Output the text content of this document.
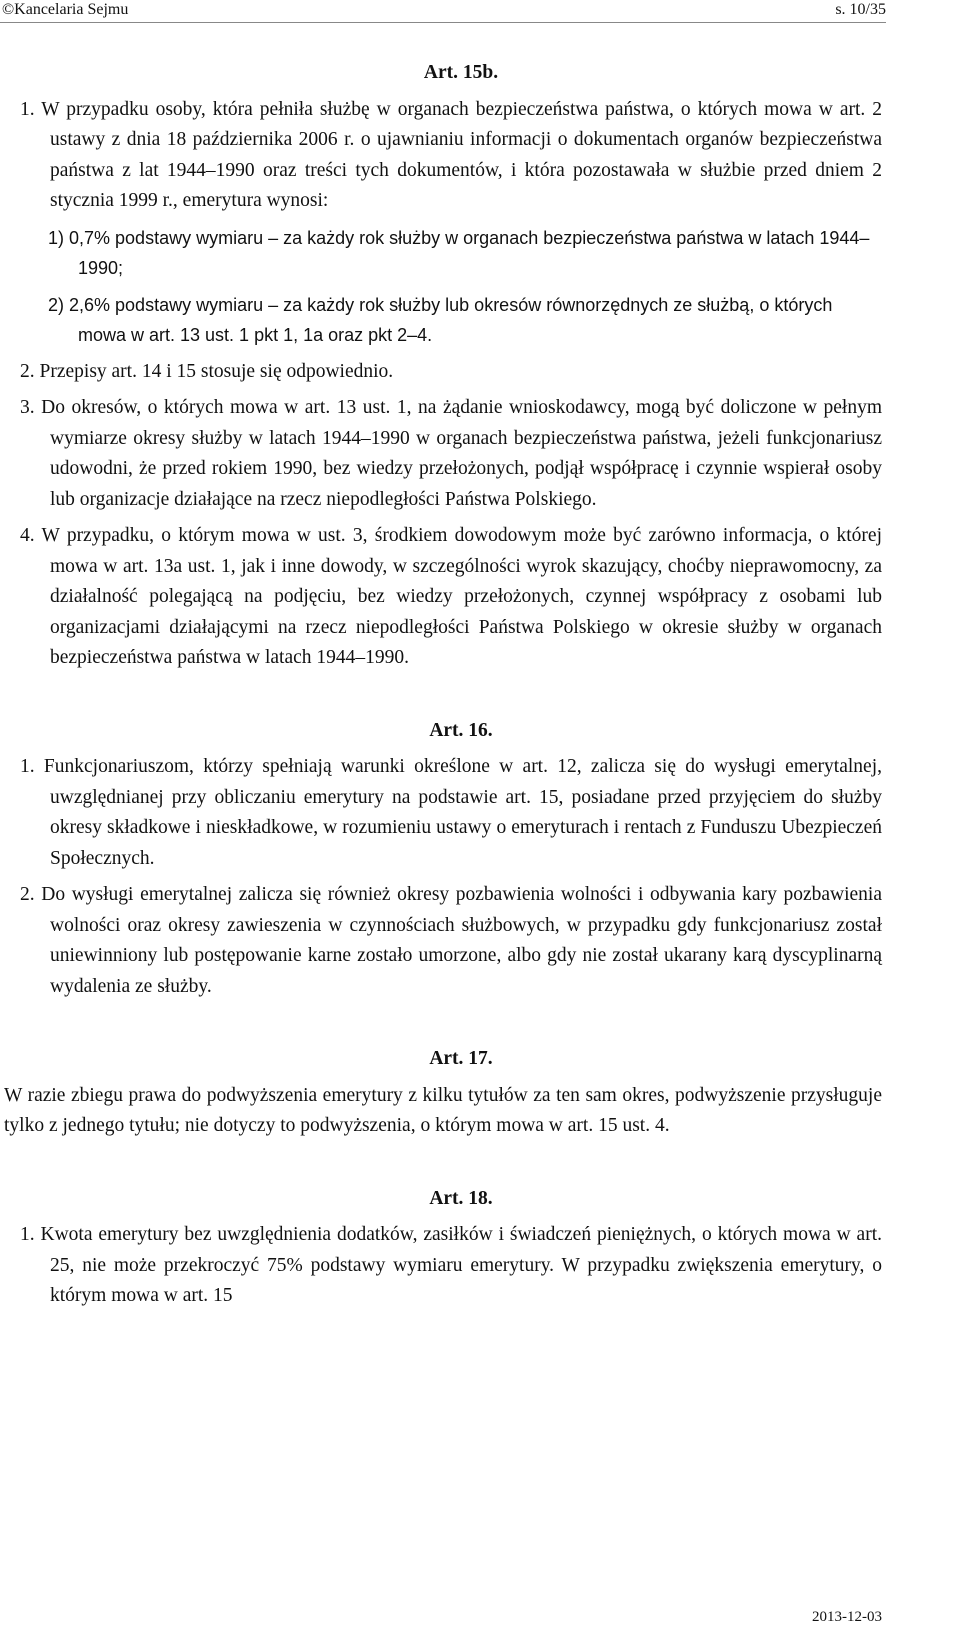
©Kancelaria Sejmu	s. 10/35
Art. 15b.

1. W przypadku osoby, która pełniła służbę w organach bezpieczeństwa państwa, o których mowa w art. 2 ustawy z dnia 18 października 2006 r. o ujawnianiu informacji o dokumentach organów bezpieczeństwa państwa z lat 1944–1990 oraz treści tych dokumentów, i która pozostawała w służbie przed dniem 2 stycznia 1999 r., emerytura wynosi:

1) 0,7% podstawy wymiaru – za każdy rok służby w organach bezpieczeństwa państwa w latach 1944–1990;

2) 2,6% podstawy wymiaru – za każdy rok służby lub okresów równorzędnych ze służbą, o których mowa w art. 13 ust. 1 pkt 1, 1a oraz pkt 2–4.

2. Przepisy art. 14 i 15 stosuje się odpowiednio.

3. Do okresów, o których mowa w art. 13 ust. 1, na żądanie wnioskodawcy, mogą być doliczone w pełnym wymiarze okresy służby w latach 1944–1990 w organach bezpieczeństwa państwa, jeżeli funkcjonariusz udowodni, że przed rokiem 1990, bez wiedzy przełożonych, podjął współpracę i czynnie wspierał osoby lub organizacje działające na rzecz niepodległości Państwa Polskiego.

4. W przypadku, o którym mowa w ust. 3, środkiem dowodowym może być zarówno informacja, o której mowa w art. 13a ust. 1, jak i inne dowody, w szczególności wyrok skazujący, choćby nieprawomocny, za działalność polegającą na podjęciu, bez wiedzy przełożonych, czynnej współpracy z osobami lub organizacjami działającymi na rzecz niepodległości Państwa Polskiego w okresie służby w organach bezpieczeństwa państwa w latach 1944–1990.

Art. 16.

1. Funkcjonariuszom, którzy spełniają warunki określone w art. 12, zalicza się do wysługi emerytalnej, uwzględnianej przy obliczaniu emerytury na podstawie art. 15, posiadane przed przyjęciem do służby okresy składkowe i nieskładkowe, w rozumieniu ustawy o emeryturach i rentach z Funduszu Ubezpieczeń Społecznych.

2. Do wysługi emerytalnej zalicza się również okresy pozbawienia wolności i odbywania kary pozbawienia wolności oraz okresy zawieszenia w czynnościach służbowych, w przypadku gdy funkcjonariusz został uniewinniony lub postępowanie karne zostało umorzone, albo gdy nie został ukarany karą dyscyplinarną wydalenia ze służby.

Art. 17.

W razie zbiegu prawa do podwyższenia emerytury z kilku tytułów za ten sam okres, podwyższenie przysługuje tylko z jednego tytułu; nie dotyczy to podwyższenia, o którym mowa w art. 15 ust. 4.

Art. 18.

1. Kwota emerytury bez uwzględnienia dodatków, zasiłków i świadczeń pieniężnych, o których mowa w art. 25, nie może przekroczyć 75% podstawy wymiaru emerytury. W przypadku zwiększenia emerytury, o którym mowa w art. 15

2013-12-03
